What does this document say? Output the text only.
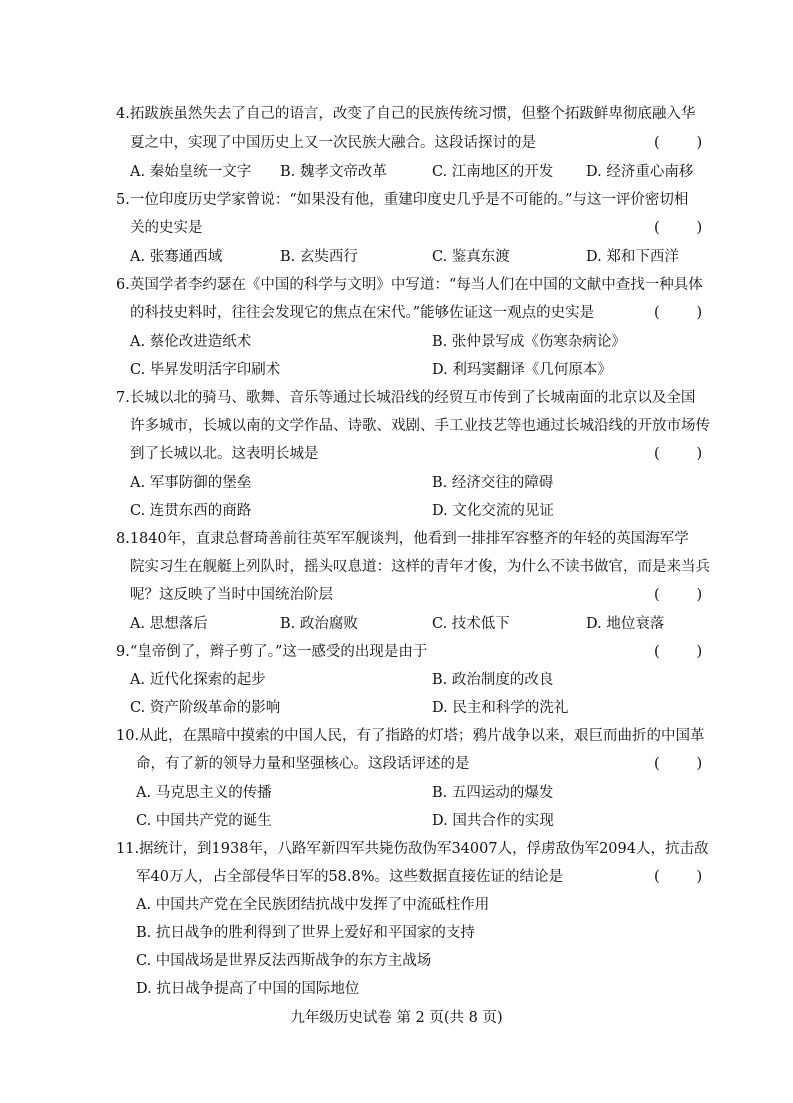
4.拓跋族虽然失去了自己的语言，改变了自己的民族传统习惯，但整个拓跋鲜卑彻底融入华
夏之中，实现了中国历史上又一次民族大融合。这段话探讨的是	(        )
A. 秦始皇统一文字 B. 魏孝文帝改革	C. 江南地区的开发 D. 经济重心南移
5.一位印度历史学家曾说：“如果没有他，重建印度史几乎是不可能的。”与这一评价密切相
关的史实是	(        )
A. 张骞通西域	B. 玄奘西行	C. 鉴真东渡	D. 郑和下西洋
6.英国学者李约瑟在《中国的科学与文明》中写道：“每当人们在中国的文献中查找一种具体
的科技史料时，往往会发现它的焦点在宋代。”能够佐证这一观点的史实是	(        )
A. 蔡伦改进造纸术	B. 张仲景写成《伤寒杂病论》
C. 毕昇发明活字印刷术	D. 利玛窦翻译《几何原本》
7.长城以北的骑马、歌舞、音乐等通过长城沿线的经贸互市传到了长城南面的北京以及全国
许多城市，长城以南的文学作品、诗歌、戏剧、手工业技艺等也通过长城沿线的开放市场传
到了长城以北。这表明长城是	(        )
A. 军事防御的堡垒	B. 经济交往的障碍
C. 连贯东西的商路	D. 文化交流的见证
8.1840年，直隶总督琦善前往英军军舰谈判，他看到一排排军容整齐的年轻的英国海军学
院实习生在舰艇上列队时，摇头叹息道：这样的青年才俊，为什么不读书做官，而是来当兵
呢？这反映了当时中国统治阶层	(        )
A. 思想落后	B. 政治腐败	C. 技术低下	D. 地位衰落
9.“皇帝倒了，辫子剪了。”这一感受的出现是由于	(        )
A. 近代化探索的起步	B. 政治制度的改良
C. 资产阶级革命的影响	D. 民主和科学的洗礼
10.从此，在黑暗中摸索的中国人民，有了指路的灯塔；鸦片战争以来，艰巨而曲折的中国革
命，有了新的领导力量和坚强核心。这段话评述的是	(        )
A. 马克思主义的传播	B. 五四运动的爆发
C. 中国共产党的诞生	D. 国共合作的实现
11.据统计，到1938年，八路军新四军共毙伤敌伪军34007人，俘虏敌伪军2094人，抗击敌
军40万人，占全部侵华日军的58.8%。这些数据直接佐证的结论是	(        )
A. 中国共产党在全民族团结抗战中发挥了中流砥柱作用
B. 抗日战争的胜利得到了世界上爱好和平国家的支持
C. 中国战场是世界反法西斯战争的东方主战场
D. 抗日战争提高了中国的国际地位
九年级历史试卷 第 2 页(共 8 页)
